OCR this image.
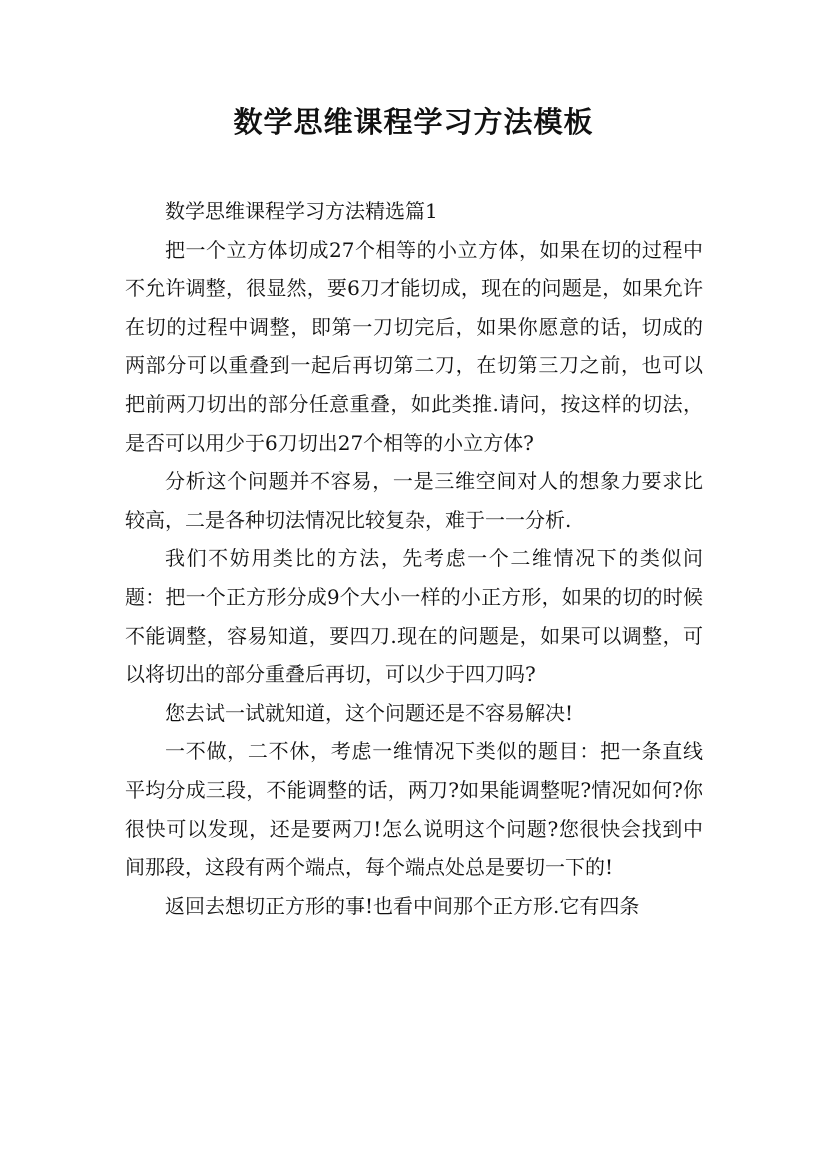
数学思维课程学习方法模板

数学思维课程学习方法精选篇1

把一个立方体切成27个相等的小立方体，如果在切的过程中不允许调整，很显然，要6刀才能切成，现在的问题是，如果允许在切的过程中调整，即第一刀切完后，如果你愿意的话，切成的两部分可以重叠到一起后再切第二刀，在切第三刀之前，也可以把前两刀切出的部分任意重叠，如此类推.请问，按这样的切法，是否可以用少于6刀切出27个相等的小立方体?

分析这个问题并不容易，一是三维空间对人的想象力要求比较高，二是各种切法情况比较复杂，难于一一分析.

我们不妨用类比的方法，先考虑一个二维情况下的类似问题：把一个正方形分成9个大小一样的小正方形，如果的切的时候不能调整，容易知道，要四刀.现在的问题是，如果可以调整，可以将切出的部分重叠后再切，可以少于四刀吗?

您去试一试就知道，这个问题还是不容易解决!

一不做，二不休，考虑一维情况下类似的题目：把一条直线平均分成三段，不能调整的话，两刀?如果能调整呢?情况如何?你很快可以发现，还是要两刀!怎么说明这个问题?您很快会找到中间那段，这段有两个端点，每个端点处总是要切一下的!

返回去想切正方形的事!也看中间那个正方形.它有四条
